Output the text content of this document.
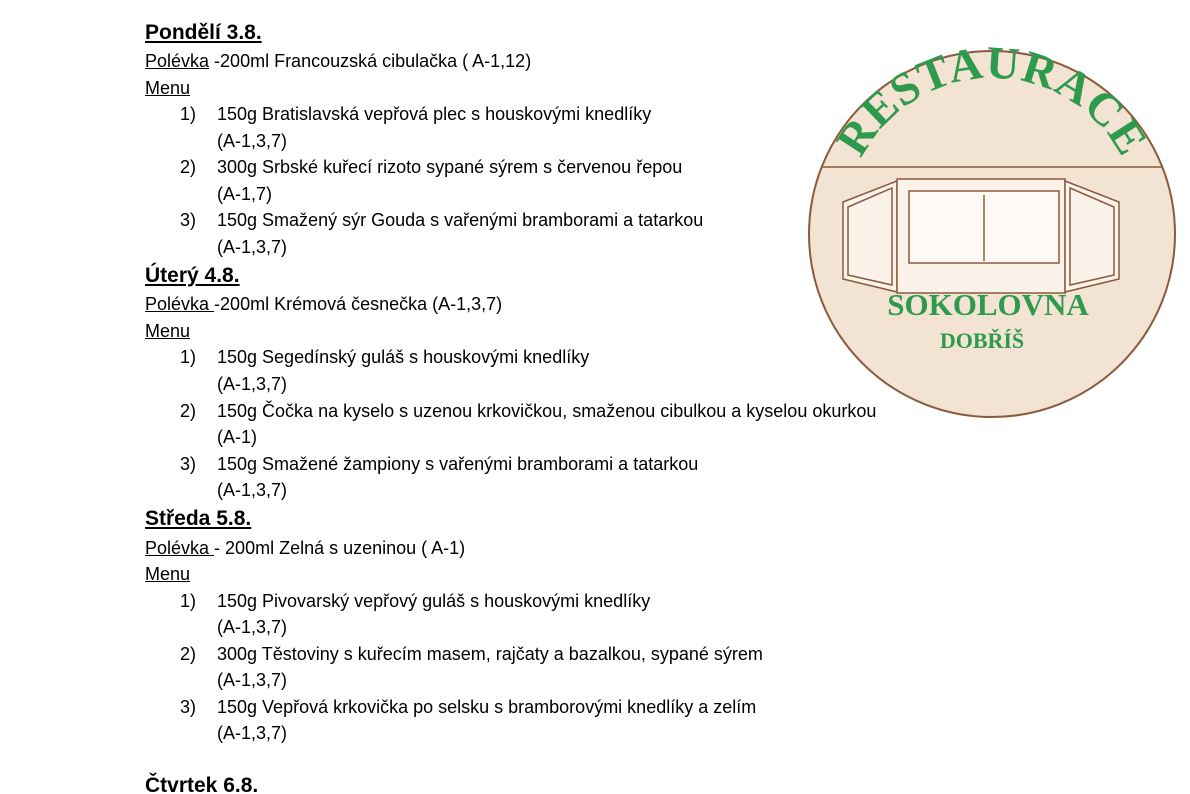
Pondělí 3.8.
Polévka -200ml Francouzská cibulačka ( A-1,12)
Menu
1) 150g Bratislavská vepřová plec s houskovými knedlíky
(A-1,3,7)
2) 300g Srbské kuřecí rizoto sypané sýrem s červenou řepou
(A-1,7)
3) 150g Smažený sýr Gouda s vařenými bramborami a tatarkou
(A-1,3,7)
Úterý 4.8.
Polévka -200ml Krémová česnečka (A-1,3,7)
Menu
1) 150g Segedínský guláš s houskovými knedlíky
(A-1,3,7)
2) 150g Čočka na kyselo s uzenou krkovičkou, smaženou cibulkou a kyselou okurkou
(A-1)
3) 150g Smažené žampiony s vařenými bramborami a tatarkou
(A-1,3,7)
Středa 5.8.
Polévka - 200ml Zelná s uzeninou ( A-1)
Menu
1) 150g Pivovarský vepřový guláš s houskovými knedlíky
(A-1,3,7)
2) 300g Těstoviny s kuřecím masem, rajčaty a bazalkou, sypané sýrem
(A-1,3,7)
3) 150g Vepřová krkovička po selsku s bramborovými knedlíky a zelím
(A-1,3,7)
Čtvrtek 6.8.
RESTAURACE
SOKOLOVNA
DOBŘÍŠ
